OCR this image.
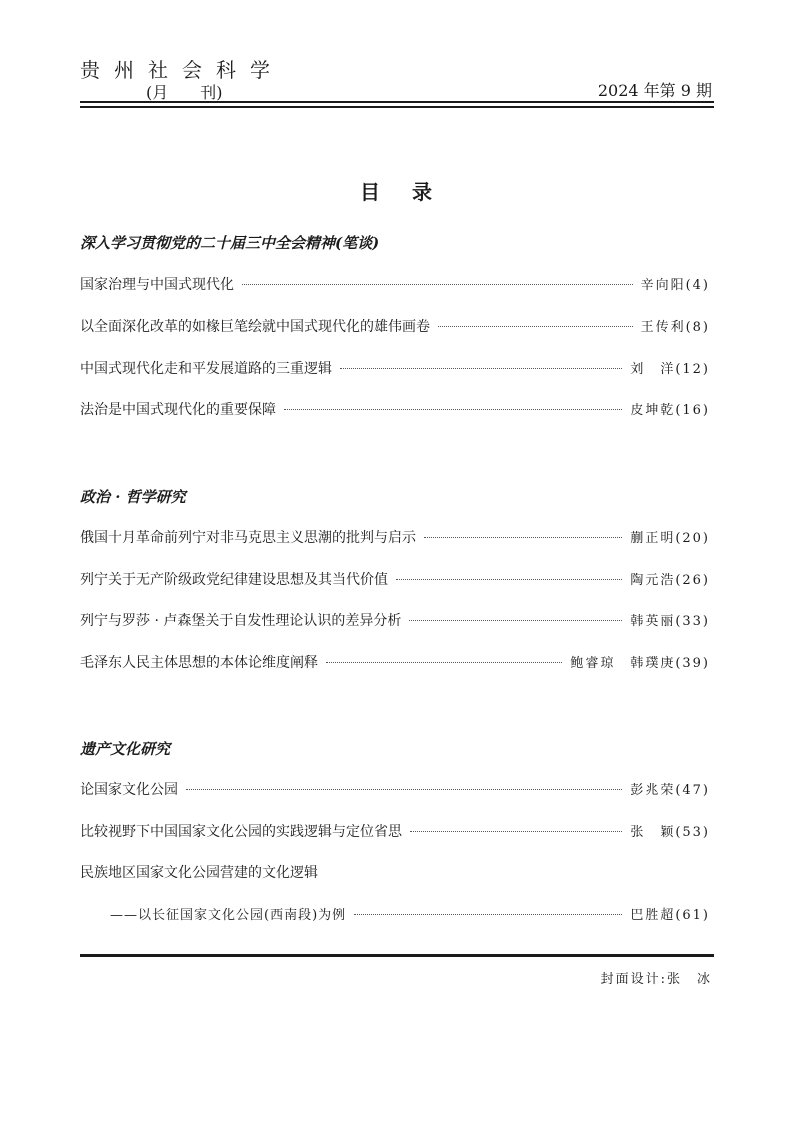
贵州社会科学
(月　　刊)	2024 年第 9 期
目录
深入学习贯彻党的二十届三中全会精神(笔谈)
国家治理与中国式现代化	辛向阳(4)
以全面深化改革的如椽巨笔绘就中国式现代化的雄伟画卷	王传利(8)
中国式现代化走和平发展道路的三重逻辑	刘　洋(12)
法治是中国式现代化的重要保障	皮坤乾(16)
政治 · 哲学研究
俄国十月革命前列宁对非马克思主义思潮的批判与启示	蒯正明(20)
列宁关于无产阶级政党纪律建设思想及其当代价值	陶元浩(26)
列宁与罗莎 · 卢森堡关于自发性理论认识的差异分析	韩英丽(33)
毛泽东人民主体思想的本体论维度阐释	鲍睿琼　韩璞庚(39)
遗产文化研究
论国家文化公园	彭兆荣(47)
比较视野下中国国家文化公园的实践逻辑与定位省思	张　颖(53)
民族地区国家文化公园营建的文化逻辑
——以长征国家文化公园(西南段)为例	巴胜超(61)
封面设计:张　冰
